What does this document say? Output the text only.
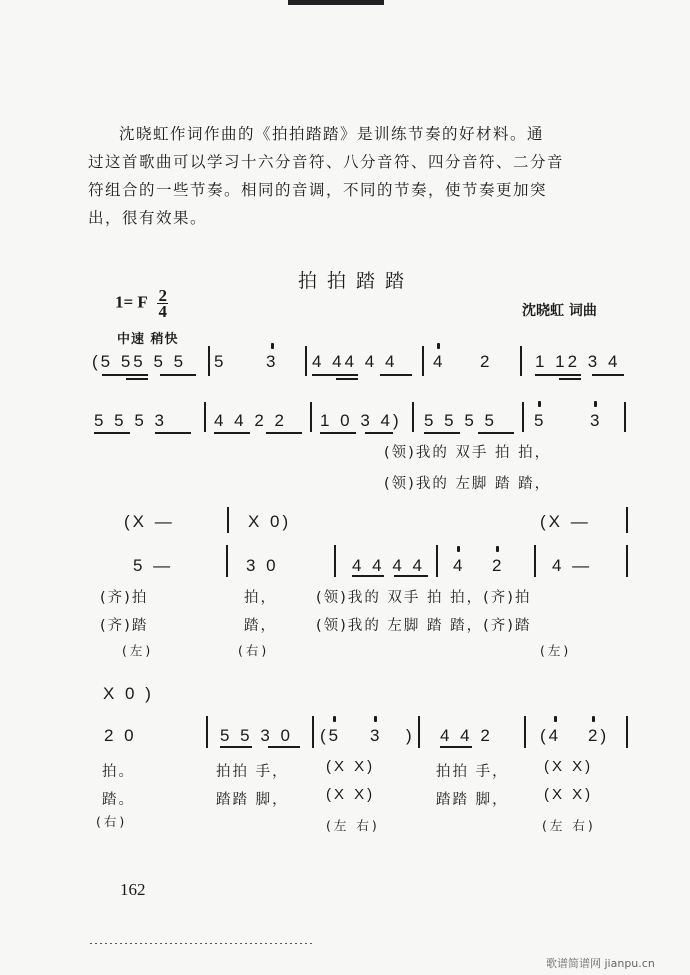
沈晓虹作词作曲的《拍拍踏踏》是训练节奏的好材料。通

过这首歌曲可以学习十六分音符、八分音符、四分音符、二分音

符组合的一些节奏。相同的音调，不同的节奏，使节奏更加突

出，很有效果。

拍拍踏踏
1= F $\frac{2}{4}$	沈晓虹 词曲
中速 稍快
(5 55 5 5 5 3 4 44 4 4 4 2	1 12 3 4
5 5 5 3	4 4 2 2 1 0 3 4) 5 5 5 5 5	3
(领)我的 双手 拍 拍，
(领)我的 左脚 踏 踏，
(X —	X 0)	(X —
5 —	3 0	4 4 4 4 4 2	4 —
(齐)拍	拍，	(领)我的 双手 拍 拍，(齐)拍
(齐)踏	踏，	(领)我的 左脚 踏 踏，(齐)踏
(左)	(右)	(左)
X 0 )
2 0	5 5 3 0 (5 3 ) 4 4 2	(4 2)
拍。	拍拍 手， (X X)	拍拍 手， (X X)
踏。	踏踏 脚， (X X)	踏踏 脚， (X X)
(右)	(左 右)	(左 右)
162
歌谱简谱网 jianpu.cn
